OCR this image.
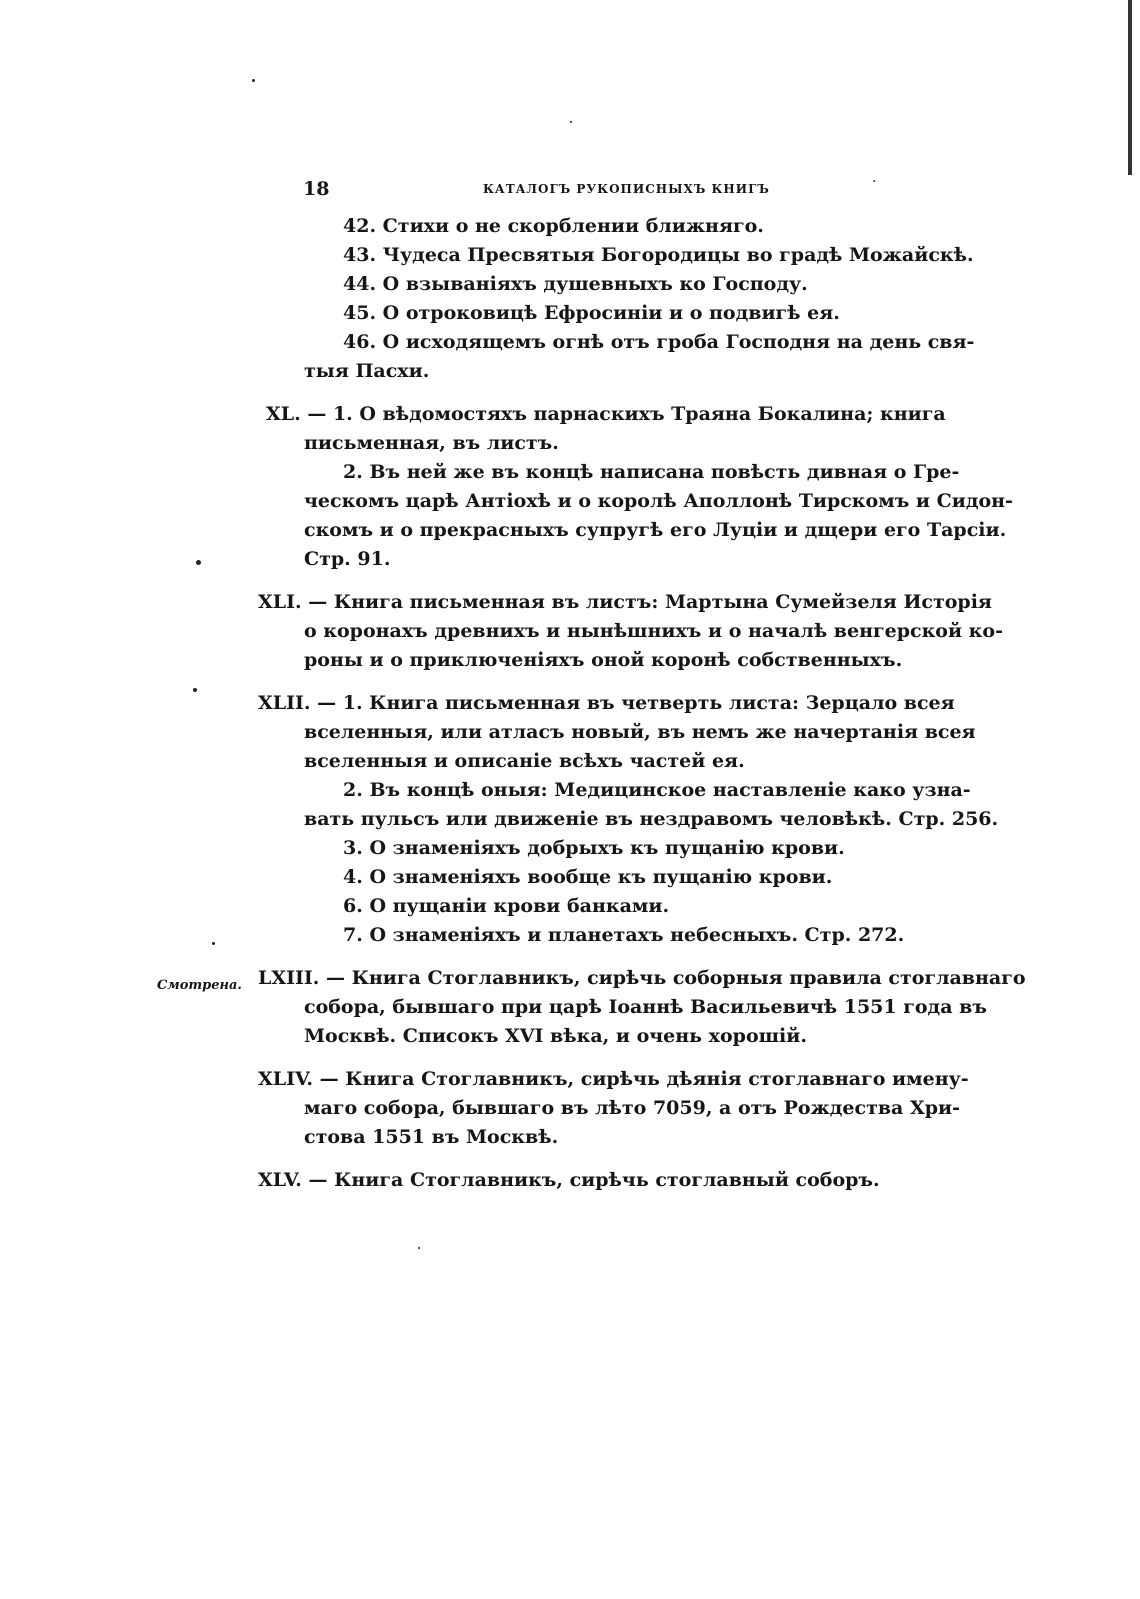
18	КАТАЛОГЪ РУКОПИСНЫХЪ КНИГЪ	·
Смотрена.
42. Стихи о не скорблении ближняго.
43. Чудеса Пресвятыя Богородицы во градѣ Можайскѣ.
44. О взываніяхъ душевныхъ ко Господу.
45. О отроковицѣ Ефросиніи и о подвигѣ ея.
46. О исходящемъ огнѣ отъ гроба Господня на день свя-
тыя Пасхи.
XL. — 1. О вѣдомостяхъ парнаскихъ Траяна Бокалина; книга
письменная, въ листъ.
2. Въ ней же въ концѣ написана повѣсть дивная о Гре-
ческомъ царѣ Антіохѣ и о королѣ Аполлонѣ Тирскомъ и Сидон-
скомъ и о прекрасныхъ супругѣ его Луціи и дщери его Тарсіи.
Стр. 91.
XLI. — Книга письменная въ листъ: Мартына Сумейзеля Исторія
о коронахъ древнихъ и нынѣшнихъ и о началѣ венгерской ко-
роны и о приключеніяхъ оной коронѣ собственныхъ.
XLII. — 1. Книга письменная въ четверть листа: Зерцало всея
вселенныя, или атласъ новый, въ немъ же начертанія всея
вселенныя и описаніе всѣхъ частей ея.
2. Въ концѣ оныя: Медицинское наставленіе како узна-
вать пульсъ или движеніе въ нездравомъ человѣкѣ. Стр. 256.
3. О знаменіяхъ добрыхъ къ пущанію крови.
4. О знаменіяхъ вообще къ пущанію крови.
6. О пущаніи крови банками.
7. О знаменіяхъ и планетахъ небесныхъ. Стр. 272.
LXIII. — Книга Стоглавникъ, сирѣчь соборныя правила стоглавнаго
собора, бывшаго при царѣ Іоаннѣ Васильевичѣ 1551 года въ
Москвѣ. Списокъ XVI вѣка, и очень хорошій.
XLIV. — Книга Стоглавникъ, сирѣчь дѣянія стоглавнаго имену-
маго собора, бывшаго въ лѣто 7059, а отъ Рождества Хри-
стова 1551 въ Москвѣ.
XLV. — Книга Стоглавникъ, сирѣчь стоглавный соборъ.
